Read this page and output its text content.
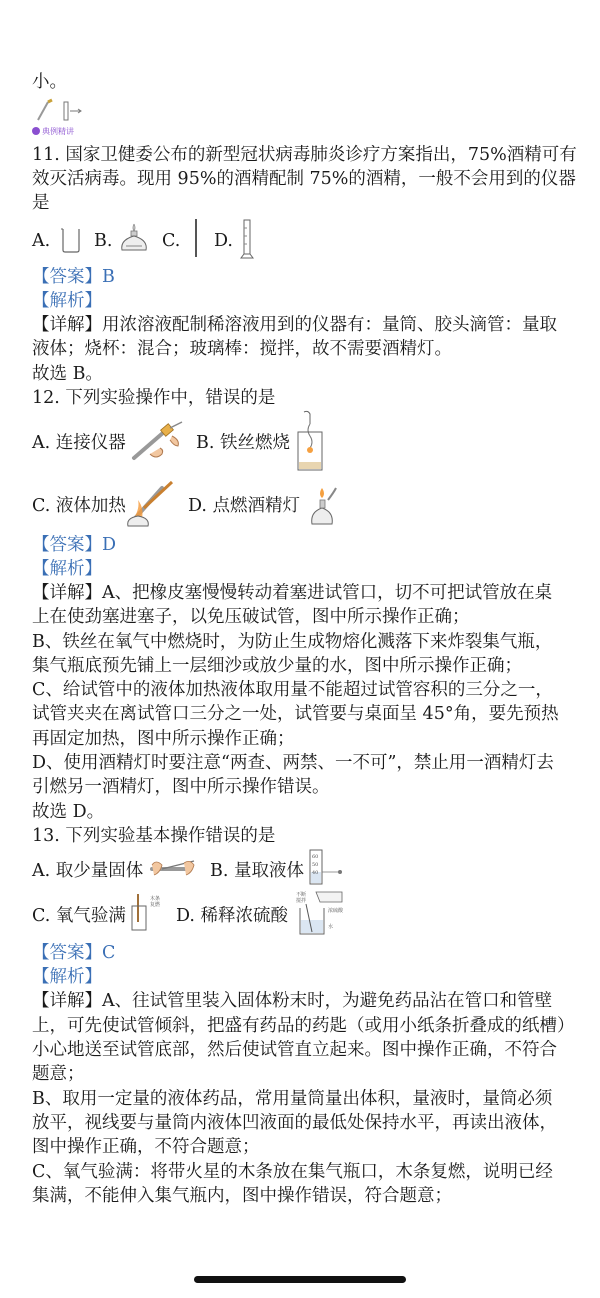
小。
典例精讲
11. 国家卫健委公布的新型冠状病毒肺炎诊疗方案指出，75%酒精可有
效灭活病毒。现用 95%的酒精配制 75%的酒精，一般不会用到的仪器
是
A.	B.	C. D.
【答案】B
【解析】
【详解】用浓溶液配制稀溶液用到的仪器有：量筒、胶头滴管：量取
液体；烧杯：混合；玻璃棒：搅拌，故不需要酒精灯。
故选 B。
12. 下列实验操作中，错误的是
A. 连接仪器	B. 铁丝燃烧
C. 液体加热	D. 点燃酒精灯
【答案】D
【解析】
【详解】A、把橡皮塞慢慢转动着塞进试管口，切不可把试管放在桌
上在使劲塞进塞子，以免压破试管，图中所示操作正确；
B、铁丝在氧气中燃烧时，为防止生成物熔化溅落下来炸裂集气瓶，
集气瓶底预先铺上一层细沙或放少量的水，图中所示操作正确；
C、给试管中的液体加热液体取用量不能超过试管容积的三分之一，
试管夹夹在离试管口三分之一处，试管要与桌面呈 45°角，要先预热
再固定加热，图中所示操作正确；
D、使用酒精灯时要注意“两查、两禁、一不可”，禁止用一酒精灯去
引燃另一酒精灯，图中所示操作错误。
故选 D。
13. 下列实验基本操作错误的是
A. 取少量固体	B. 量取液体
60
50
40
C. 氧气验满
木条
复燃
D. 稀释浓硫酸
不断
搅拌
浓硫酸
水
【答案】C
【解析】
【详解】A、往试管里装入固体粉末时，为避免药品沾在管口和管壁
上，可先使试管倾斜，把盛有药品的药匙（或用小纸条折叠成的纸槽）
小心地送至试管底部，然后使试管直立起来。图中操作正确，不符合
题意；
B、取用一定量的液体药品，常用量筒量出体积，量液时，量筒必须
放平，视线要与量筒内液体凹液面的最低处保持水平，再读出液体，
图中操作正确，不符合题意；
C、氧气验满：将带火星的木条放在集气瓶口，木条复燃，说明已经
集满，不能伸入集气瓶内，图中操作错误，符合题意；
